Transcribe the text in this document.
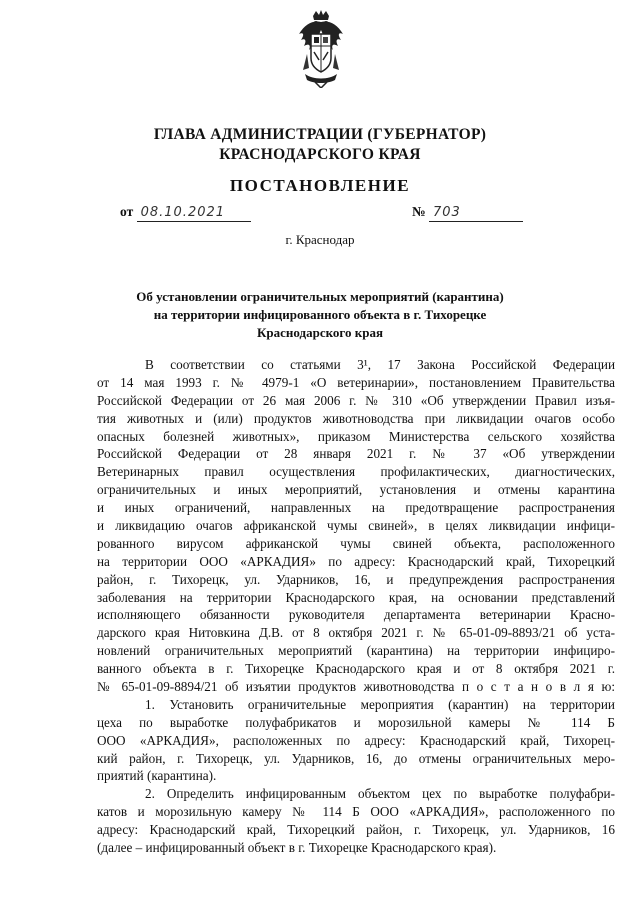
ГЛАВА АДМИНИСТРАЦИИ (ГУБЕРНАТОР)
КРАСНОДАРСКОГО КРАЯ
ПОСТАНОВЛЕНИЕ
от 08.10.2021	№ 703
г. Краснодар
Об установлении ограничительных мероприятий (карантина)
на территории инфицированного объекта в г. Тихорецке
Краснодарского края
В соответствии со статьями 3¹, 17 Закона Российской Федерации
от 14 мая 1993 г. № 4979-1 «О ветеринарии», постановлением Правительства
Российской Федерации от 26 мая 2006 г. № 310 «Об утверждении Правил изъя-
тия животных и (или) продуктов животноводства при ликвидации очагов особо
опасных болезней животных», приказом Министерства сельского хозяйства
Российской Федерации от 28 января 2021 г. № 37 «Об утверждении
Ветеринарных правил осуществления профилактических, диагностических,
ограничительных и иных мероприятий, установления и отмены карантина
и иных ограничений, направленных на предотвращение распространения
и ликвидацию очагов африканской чумы свиней», в целях ликвидации инфици-
рованного вирусом африканской чумы свиней объекта, расположенного
на территории ООО «АРКАДИЯ» по адресу: Краснодарский край, Тихорецкий
район, г. Тихорецк, ул. Ударников, 16, и предупреждения распространения
заболевания на территории Краснодарского края, на основании представлений
исполняющего обязанности руководителя департамента ветеринарии Красно-
дарского края Нитовкина Д.В. от 8 октября 2021 г. № 65-01-09-8893/21 об уста-
новлений ограничительных мероприятий (карантина) на территории инфициро-
ванного объекта в г. Тихорецке Краснодарского края и от 8 октября 2021 г.
№ 65-01-09-8894/21 об изъятии продуктов животноводства п о с т а н о в л я ю:
1. Установить ограничительные мероприятия (карантин) на территории
цеха по выработке полуфабрикатов и морозильной камеры № 114 Б
ООО «АРКАДИЯ», расположенных по адресу: Краснодарский край, Тихорец-
кий район, г. Тихорецк, ул. Ударников, 16, до отмены ограничительных меро-
приятий (карантина).
2. Определить инфицированным объектом цех по выработке полуфабри-
катов и морозильную камеру № 114 Б ООО «АРКАДИЯ», расположенного по
адресу: Краснодарский край, Тихорецкий район, г. Тихорецк, ул. Ударников, 16
(далее – инфицированный объект в г. Тихорецке Краснодарского края).
